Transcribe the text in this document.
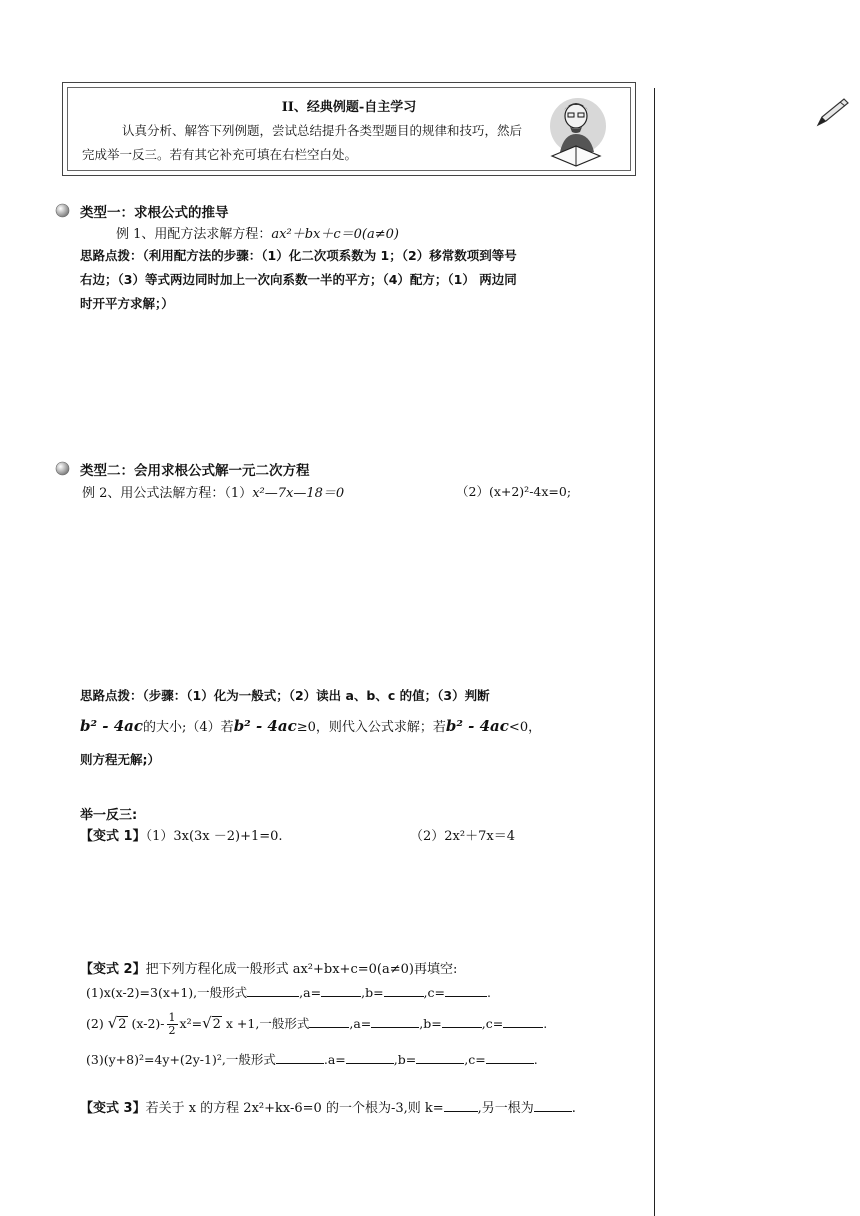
II、经典例题-自主学习
认真分析、解答下列例题，尝试总结提升各类型题目的规律和技巧，然后
完成举一反三。若有其它补充可填在右栏空白处。
类型一：求根公式的推导
例 1、用配方法求解方程：ax²＋bx＋c＝0(a≠0)
思路点拨：（利用配方法的步骤：（1）化二次项系数为 1；（2）移常数项到等号
右边；（3）等式两边同时加上一次向系数一半的平方；（4）配方；（1） 两边同
时开平方求解；）
类型二：会用求根公式解一元二次方程
例 2、用公式法解方程：（1）x²—7x—18＝0	（2）(x+2)²-4x=0;
思路点拨：（步骤：（1）化为一般式；（2）读出 a、b、c 的值；（3）判断
b² - 4ac的大小;（4）若b² - 4ac≥0，则代入公式求解；若b² - 4ac<0，
则方程无解;）
举一反三:
【变式 1】（1）3x(3x －2)+1=0.	（2）2x²＋7x＝4
【变式 2】把下列方程化成一般形式 ax²+bx+c=0(a≠0)再填空:
(1)x(x-2)=3(x+1),一般形式	,a=	,b=	,c=	.
(2) √2 $(x-2)- \frac{1}{2} x^2=√2$ x +1,一般形式	,a=	,b=	,c=	.
(3)(y+8)²=4y+(2y-1)²,一般形式	.a=	,b=	,c=	.
【变式 3】若关于 x 的方程 2x²+kx-6=0 的一个根为-3,则 k=	,另一根为	.
